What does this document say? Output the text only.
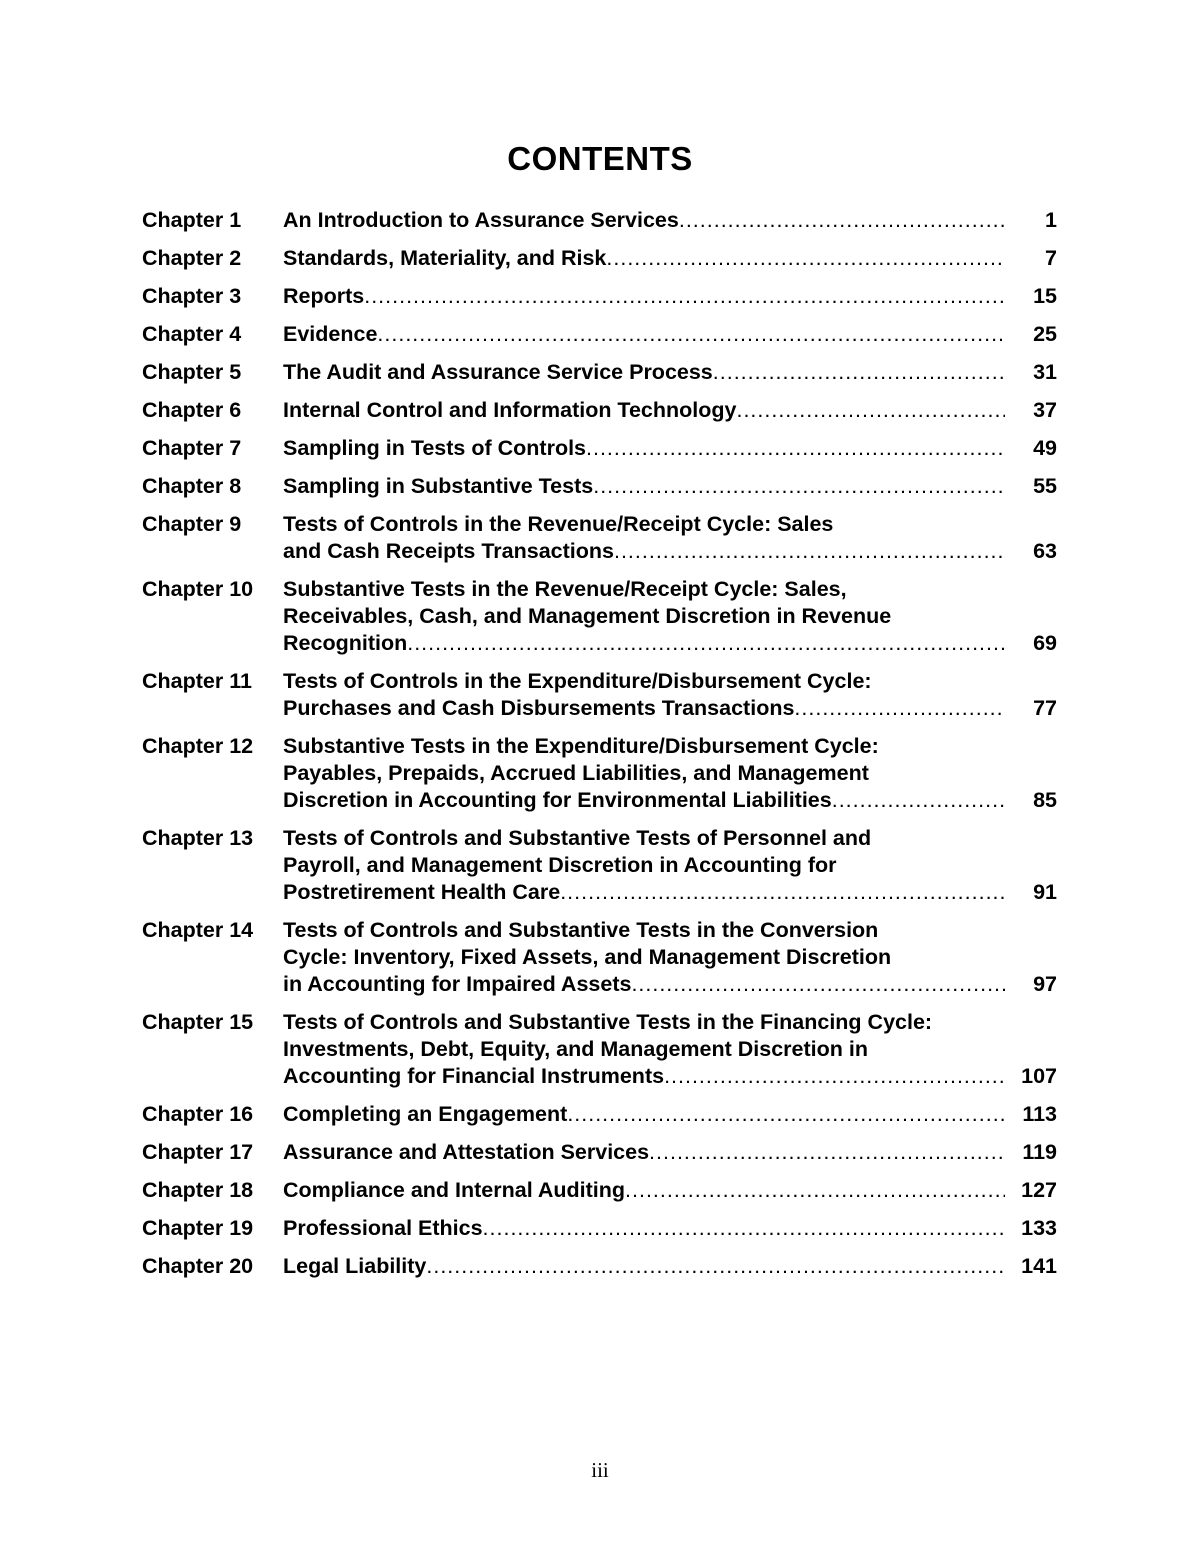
CONTENTS
Chapter 1	An Introduction to Assurance Services .....	1
Chapter 2	Standards, Materiality, and Risk .....	7
Chapter 3	Reports .....	15
Chapter 4	Evidence .....	25
Chapter 5	The Audit and Assurance Service Process .....	31
Chapter 6	Internal Control and Information Technology .....	37
Chapter 7	Sampling in Tests of Controls .....	49
Chapter 8	Sampling in Substantive Tests .....	55
Chapter 9	Tests of Controls in the Revenue/Receipt Cycle: Sales
and Cash Receipts Transactions .....	63
Chapter 10	Substantive Tests in the Revenue/Receipt Cycle: Sales,
Receivables, Cash, and Management Discretion in Revenue
Recognition .....	69
Chapter 11	Tests of Controls in the Expenditure/Disbursement Cycle:
Purchases and Cash Disbursements Transactions .....	77
Chapter 12	Substantive Tests in the Expenditure/Disbursement Cycle:
Payables, Prepaids, Accrued Liabilities, and Management
Discretion in Accounting for Environmental Liabilities .....	85
Chapter 13	Tests of Controls and Substantive Tests of Personnel and
Payroll, and Management Discretion in Accounting for
Postretirement Health Care .....	91
Chapter 14	Tests of Controls and Substantive Tests in the Conversion
Cycle: Inventory, Fixed Assets, and Management Discretion
in Accounting for Impaired Assets .....	97
Chapter 15	Tests of Controls and Substantive Tests in the Financing Cycle:
Investments, Debt, Equity, and Management Discretion in
Accounting for Financial Instruments .....	107
Chapter 16	Completing an Engagement .....	113
Chapter 17	Assurance and Attestation Services .....	119
Chapter 18	Compliance and Internal Auditing .....	127
Chapter 19	Professional Ethics .....	133
Chapter 20	Legal Liability .....	141
iii
